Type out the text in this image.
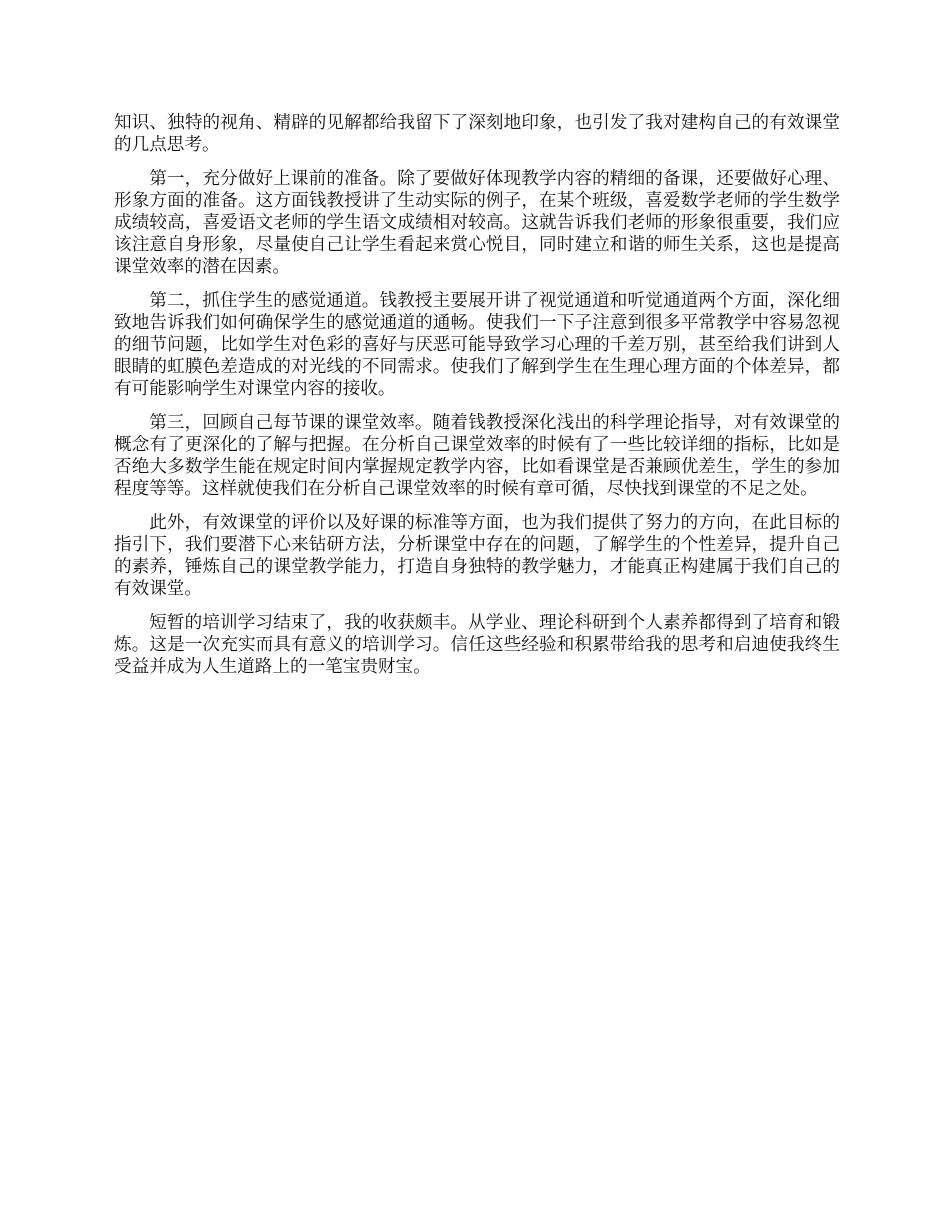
知识、独特的视角、精辟的见解都给我留下了深刻地印象，也引发了我对建构自己的有效课堂的几点思考。

第一，充分做好上课前的准备。除了要做好体现教学内容的精细的备课，还要做好心理、形象方面的准备。这方面钱教授讲了生动实际的例子，在某个班级，喜爱数学老师的学生数学成绩较高，喜爱语文老师的学生语文成绩相对较高。这就告诉我们老师的形象很重要，我们应该注意自身形象，尽量使自己让学生看起来赏心悦目，同时建立和谐的师生关系，这也是提高课堂效率的潜在因素。

第二，抓住学生的感觉通道。钱教授主要展开讲了视觉通道和听觉通道两个方面，深化细致地告诉我们如何确保学生的感觉通道的通畅。使我们一下子注意到很多平常教学中容易忽视的细节问题，比如学生对色彩的喜好与厌恶可能导致学习心理的千差万别，甚至给我们讲到人眼睛的虹膜色差造成的对光线的不同需求。使我们了解到学生在生理心理方面的个体差异，都有可能影响学生对课堂内容的接收。

第三，回顾自己每节课的课堂效率。随着钱教授深化浅出的科学理论指导，对有效课堂的概念有了更深化的了解与把握。在分析自己课堂效率的时候有了一些比较详细的指标，比如是否绝大多数学生能在规定时间内掌握规定教学内容，比如看课堂是否兼顾优差生，学生的参加程度等等。这样就使我们在分析自己课堂效率的时候有章可循，尽快找到课堂的不足之处。

此外，有效课堂的评价以及好课的标准等方面，也为我们提供了努力的方向，在此目标的指引下，我们要潜下心来钻研方法，分析课堂中存在的问题，了解学生的个性差异，提升自己的素养，锤炼自己的课堂教学能力，打造自身独特的教学魅力，才能真正构建属于我们自己的有效课堂。

短暂的培训学习结束了，我的收获颇丰。从学业、理论科研到个人素养都得到了培育和锻炼。这是一次充实而具有意义的培训学习。信任这些经验和积累带给我的思考和启迪使我终生受益并成为人生道路上的一笔宝贵财宝。
